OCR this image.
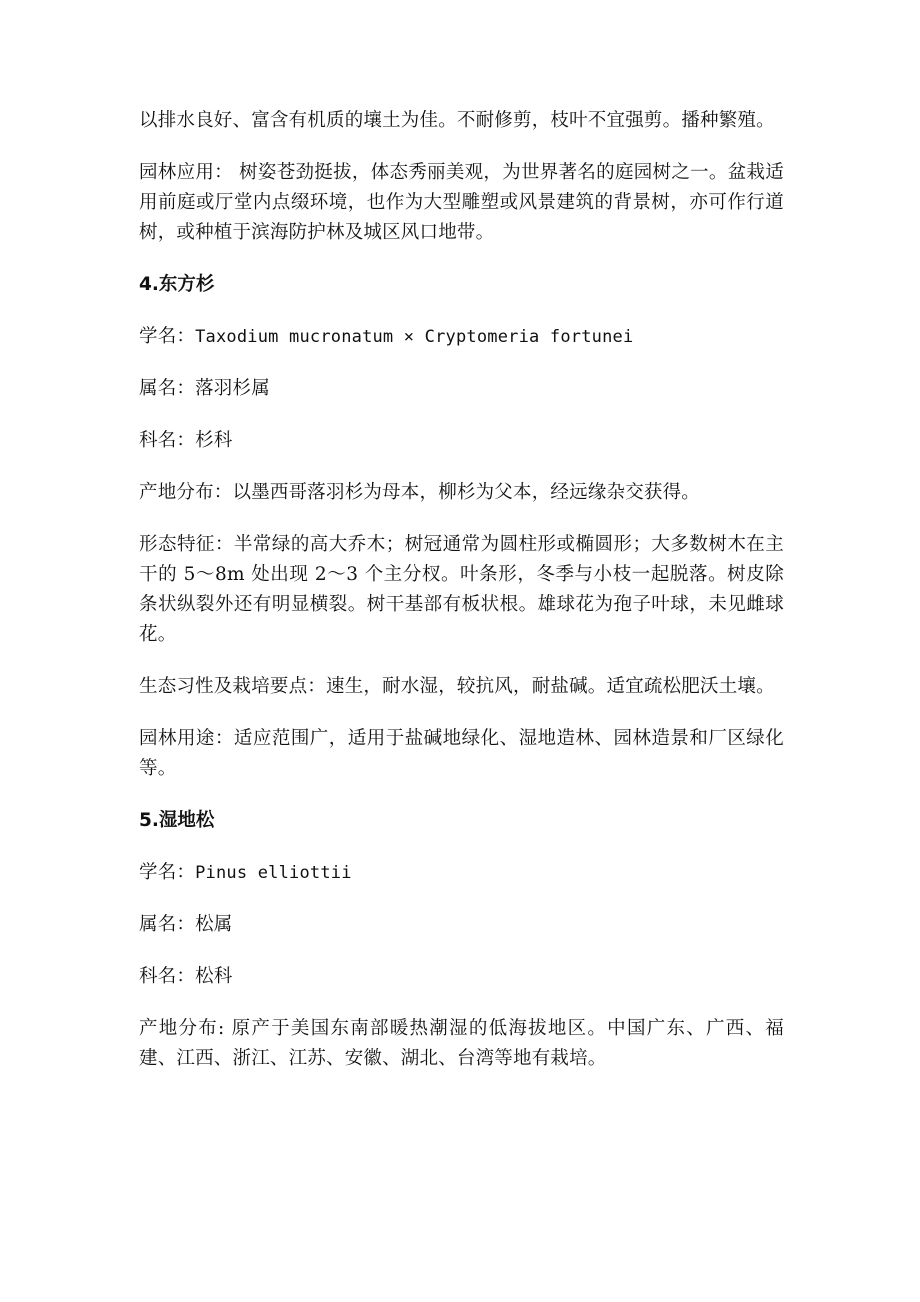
以排水良好、富含有机质的壤土为佳。不耐修剪，枝叶不宜强剪。播种繁殖。

园林应用： 树姿苍劲挺拔，体态秀丽美观，为世界著名的庭园树之一。盆栽适用前庭或厅堂内点缀环境，也作为大型雕塑或风景建筑的背景树，亦可作行道树，或种植于滨海防护林及城区风口地带。

4.东方杉

学名：Taxodium mucronatum × Cryptomeria fortunei

属名：落羽杉属

科名：杉科

产地分布：以墨西哥落羽杉为母本，柳杉为父本，经远缘杂交获得。

形态特征：半常绿的高大乔木；树冠通常为圆柱形或椭圆形；大多数树木在主干的 5～8m 处出现 2～3 个主分杈。叶条形，冬季与小枝一起脱落。树皮除条状纵裂外还有明显横裂。树干基部有板状根。雄球花为孢子叶球，未见雌球花。

生态习性及栽培要点：速生，耐水湿，较抗风，耐盐碱。适宜疏松肥沃土壤。

园林用途：适应范围广，适用于盐碱地绿化、湿地造林、园林造景和厂区绿化等。

5.湿地松

学名：Pinus elliottii

属名：松属

科名：松科

产地分布: 原产于美国东南部暖热潮湿的低海拔地区。中国广东、广西、福建、江西、浙江、江苏、安徽、湖北、台湾等地有栽培。
